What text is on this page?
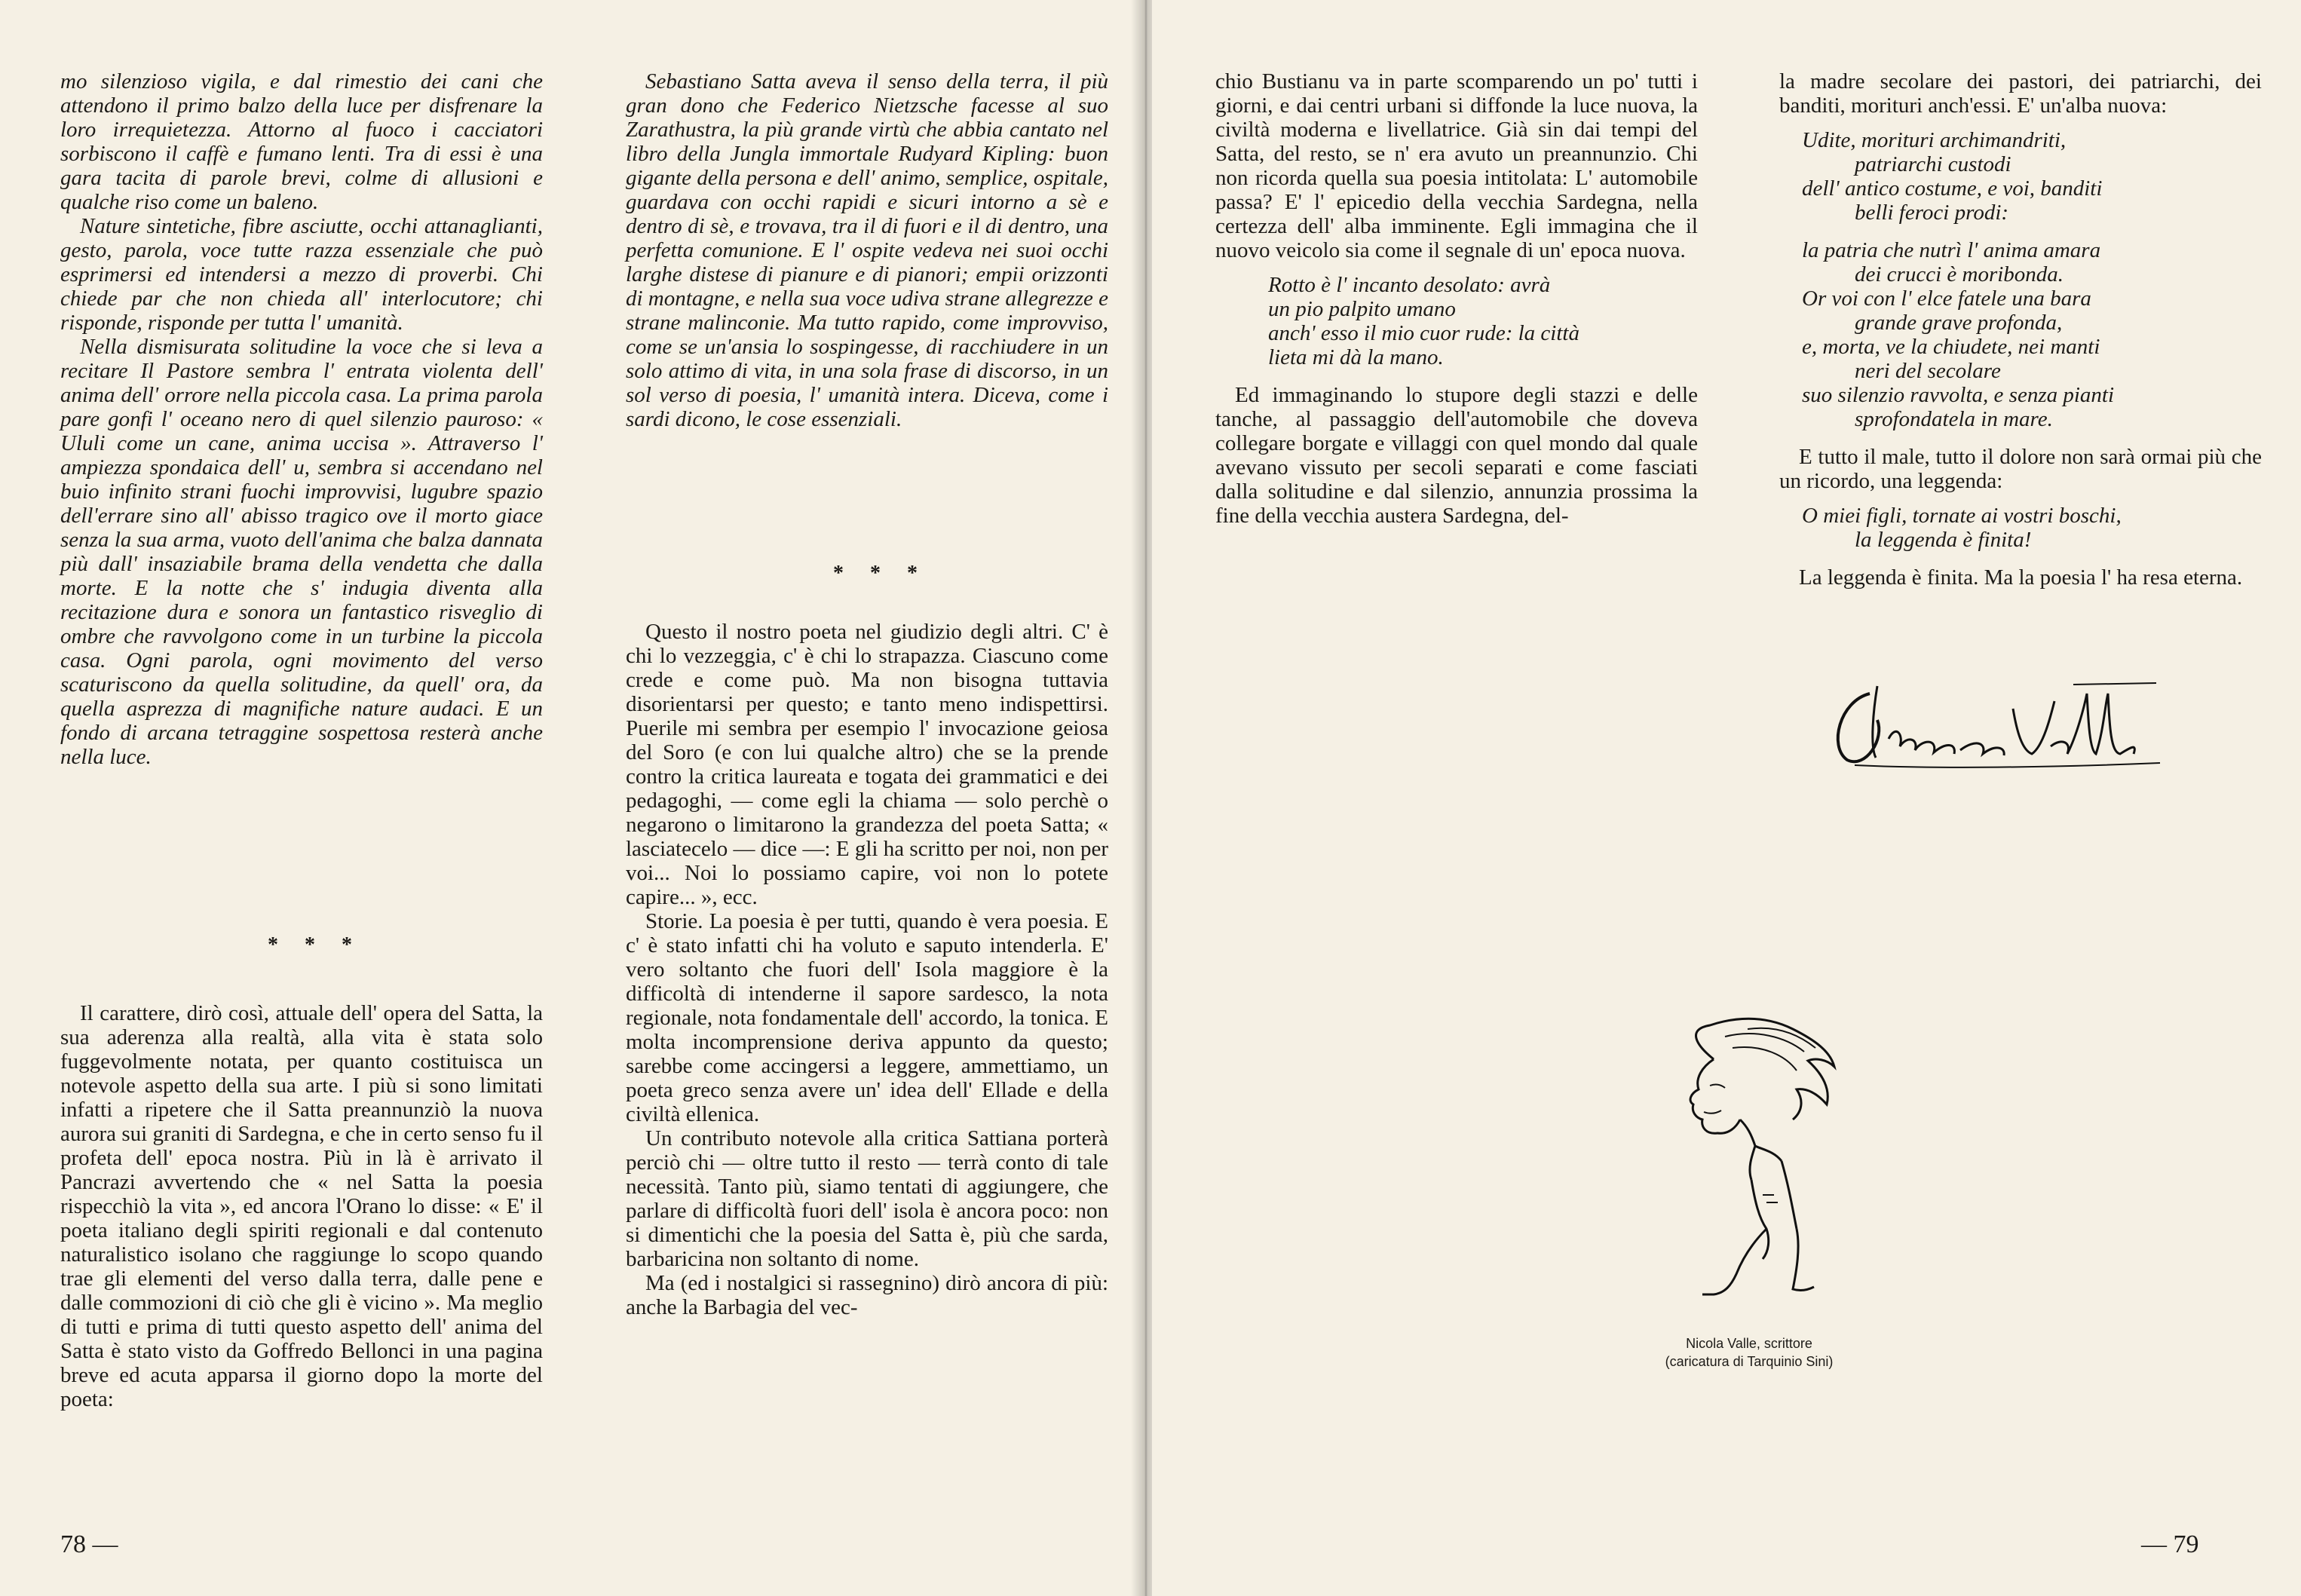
mo silenzioso vigila, e dal rimestio dei cani che attendono il primo balzo della luce per disfrenare la loro irrequietezza. Attorno al fuoco i cacciatori sorbiscono il caffè e fumano lenti. Tra di essi è una gara tacita di parole brevi, colme di allusioni e qualche riso come un baleno.

Nature sintetiche, fibre asciutte, occhi attanaglianti, gesto, parola, voce tutte razza essenziale che può esprimersi ed intendersi a mezzo di proverbi. Chi chiede par che non chieda all' interlocutore; chi risponde, risponde per tutta l' umanità.

Nella dismisurata solitudine la voce che si leva a recitare Il Pastore sembra l' entrata violenta dell' anima dell' orrore nella piccola casa. La prima parola pare gonfi l' oceano nero di quel silenzio pauroso: « Ululi come un cane, anima uccisa ». Attraverso l' ampiezza spondaica dell' u, sembra si accendano nel buio infinito strani fuochi improvvisi, lugubre spazio dell'errare sino all' abisso tragico ove il morto giace senza la sua arma, vuoto dell'anima che balza dannata più dall' insaziabile brama della vendetta che dalla morte. E la notte che s' indugia diventa alla recitazione dura e sonora un fantastico risveglio di ombre che ravvolgono come in un turbine la piccola casa. Ogni parola, ogni movimento del verso scaturiscono da quella solitudine, da quell' ora, da quella asprezza di magnifiche nature audaci. E un fondo di arcana tetraggine sospettosa resterà anche nella luce.

* * *

Il carattere, dirò così, attuale dell' opera del Satta, la sua aderenza alla realtà, alla vita è stata solo fuggevolmente notata, per quanto costituisca un notevole aspetto della sua arte. I più si sono limitati infatti a ripetere che il Satta preannunziò la nuova aurora sui graniti di Sardegna, e che in certo senso fu il profeta dell' epoca nostra. Più in là è arrivato il Pancrazi avvertendo che « nel Satta la poesia rispecchiò la vita », ed ancora l'Orano lo disse: « E' il poeta italiano degli spiriti regionali e dal contenuto naturalistico isolano che raggiunge lo scopo quando trae gli elementi del verso dalla terra, dalle pene e dalle commozioni di ciò che gli è vicino ». Ma meglio di tutti e prima di tutti questo aspetto dell' anima del Satta è stato visto da Goffredo Bellonci in una pagina breve ed acuta apparsa il giorno dopo la morte del poeta:

Sebastiano Satta aveva il senso della terra, il più gran dono che Federico Nietzsche facesse al suo Zarathustra, la più grande virtù che abbia cantato nel libro della Jungla immortale Rudyard Kipling: buon gigante della persona e dell' animo, semplice, ospitale, guardava con occhi rapidi e sicuri intorno a sè e dentro di sè, e trovava, tra il di fuori e il di dentro, una perfetta comunione. E l' ospite vedeva nei suoi occhi larghe distese di pianure e di pianori; empii orizzonti di montagne, e nella sua voce udiva strane allegrezze e strane malinconie. Ma tutto rapido, come improvviso, come se un'ansia lo sospingesse, di racchiudere in un solo attimo di vita, in una sola frase di discorso, in un sol verso di poesia, l' umanità intera. Diceva, come i sardi dicono, le cose essenziali.

* * *

Questo il nostro poeta nel giudizio degli altri. C' è chi lo vezzeggia, c' è chi lo strapazza. Ciascuno come crede e come può. Ma non bisogna tuttavia disorientarsi per questo; e tanto meno indispettirsi. Puerile mi sembra per esempio l' invocazione geiosa del Soro (e con lui qualche altro) che se la prende contro la critica laureata e togata dei grammatici e dei pedagoghi, — come egli la chiama — solo perchè o negarono o limitarono la grandezza del poeta Satta; « lasciatecelo — dice —: E gli ha scritto per noi, non per voi... Noi lo possiamo capire, voi non lo potete capire... », ecc.

Storie. La poesia è per tutti, quando è vera poesia. E c' è stato infatti chi ha voluto e saputo intenderla. E' vero soltanto che fuori dell' Isola maggiore è la difficoltà di intenderne il sapore sardesco, la nota regionale, nota fondamentale dell' accordo, la tonica. E molta incomprensione deriva appunto da questo; sarebbe come accingersi a leggere, ammettiamo, un poeta greco senza avere un' idea dell' Ellade e della civiltà ellenica.

Un contributo notevole alla critica Sattiana porterà perciò chi — oltre tutto il resto — terrà conto di tale necessità. Tanto più, siamo tentati di aggiungere, che parlare di difficoltà fuori dell' isola è ancora poco: non si dimentichi che la poesia del Satta è, più che sarda, barbaricina non soltanto di nome.

Ma (ed i nostalgici si rassegnino) dirò ancora di più: anche la Barbagia del vec-

78 —

chio Bustianu va in parte scomparendo un po' tutti i giorni, e dai centri urbani si diffonde la luce nuova, la civiltà moderna e livellatrice. Già sin dai tempi del Satta, del resto, se n' era avuto un preannunzio. Chi non ricorda quella sua poesia intitolata: L' automobile passa? E' l' epicedio della vecchia Sardegna, nella certezza dell' alba imminente. Egli immagina che il nuovo veicolo sia come il segnale di un' epoca nuova.

Rotto è l' incanto desolato: avrà
un pio palpito umano
anch' esso il mio cuor rude: la città
lieta mi dà la mano.

Ed immaginando lo stupore degli stazzi e delle tanche, al passaggio dell'automobile che doveva collegare borgate e villaggi con quel mondo dal quale avevano vissuto per secoli separati e come fasciati dalla solitudine e dal silenzio, annunzia prossima la fine della vecchia austera Sardegna, del-

la madre secolare dei pastori, dei patriarchi, dei banditi, morituri anch'essi. E' un'alba nuova:

Udite, morituri archimandriti,
patriarchi custodi
dell' antico costume, e voi, banditi
belli feroci prodi:
la patria che nutrì l' anima amara
dei crucci è moribonda.
Or voi con l' elce fatele una bara
grande grave profonda,
e, morta, ve la chiudete, nei manti
neri del secolare
suo silenzio ravvolta, e senza pianti
sprofondatela in mare.

E tutto il male, tutto il dolore non sarà ormai più che un ricordo, una leggenda:

O miei figli, tornate ai vostri boschi,
la leggenda è finita!

La leggenda è finita. Ma la poesia l' ha resa eterna.

Nicola Valle, scrittore
(caricatura di Tarquinio Sini)
— 79
